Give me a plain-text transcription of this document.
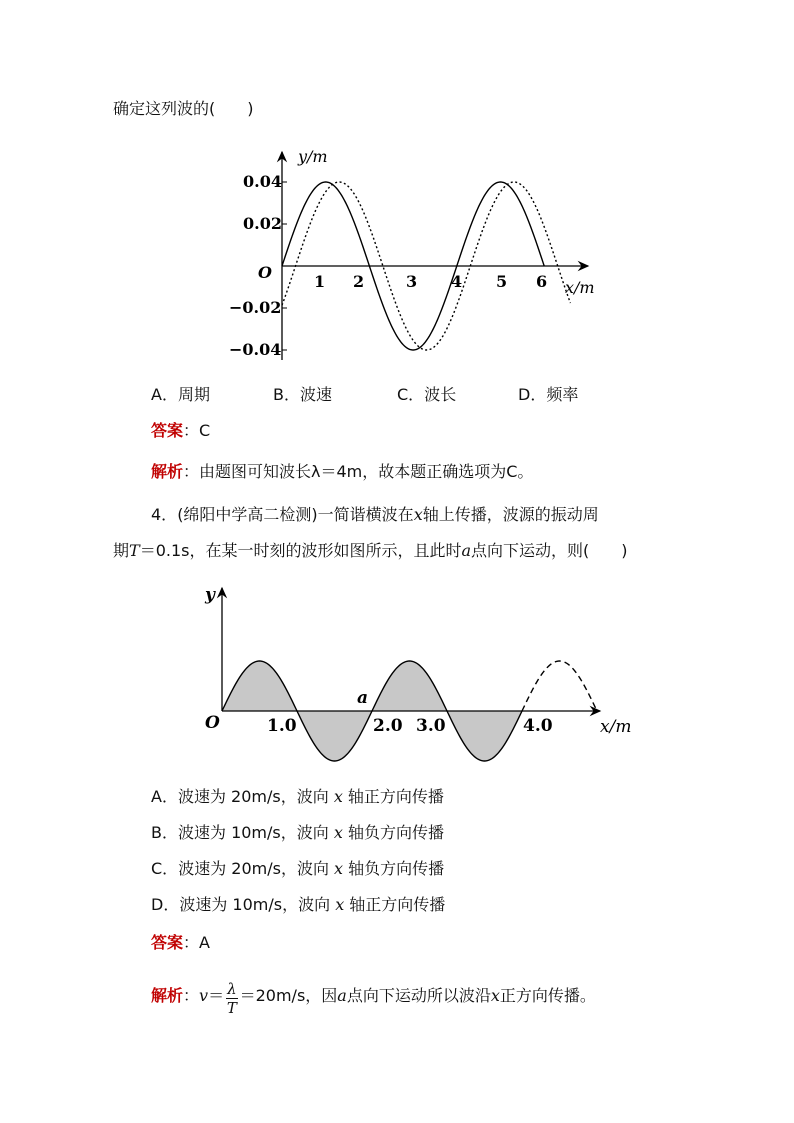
确定这列波的(　　)
y/m
O
0.04
0.02
−0.02
−0.04
1 2	3 4 5 6 x/m
A．周期	B．波速	C．波长	D．频率
答案：C
解析：由题图可知波长λ＝4m，故本题正确选项为C。
4．(绵阳中学高二检测)一简谐横波在x轴上传播，波源的振动周
期T＝0.1s，在某一时刻的波形如图所示，且此时a点向下运动，则(　　)
y
O
a
1.0	2.0 3.0	4.0	x/m
A．波速为 20m/s，波向 x 轴正方向传播
B．波速为 10m/s，波向 x 轴负方向传播
C．波速为 20m/s，波向 x 轴负方向传播
D．波速为 10m/s，波向 x 轴正方向传播
答案：A
解析：$v= \frac{\lambda}{T} =20m/s$，因a点向下运动所以波沿x正方向传播。
